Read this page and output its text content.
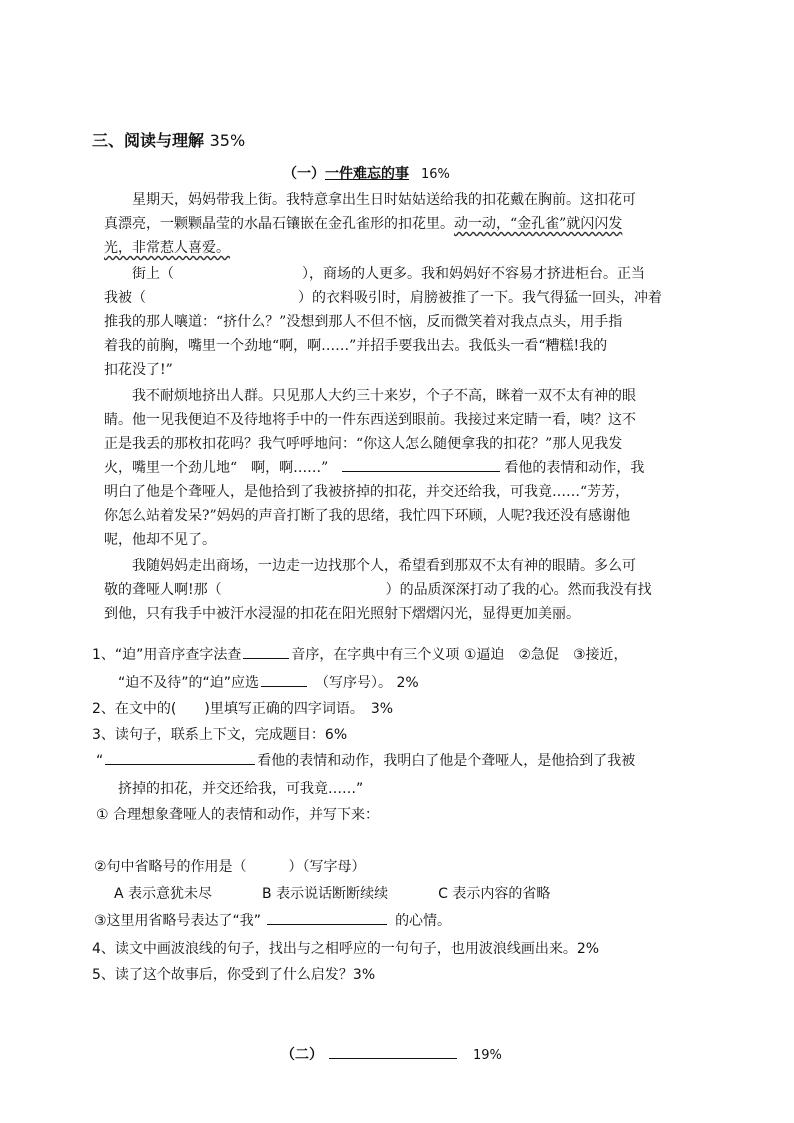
三、阅读与理解 35%
（一）一件难忘的事 16%
星期天，妈妈带我上街。我特意拿出生日时姑姑送给我的扣花戴在胸前。这扣花可
真漂亮，一颗颗晶莹的水晶石镶嵌在金孔雀形的扣花里。动一动，“金孔雀”就闪闪发
光，非常惹人喜爱。
街上（	），商场的人更多。我和妈妈好不容易才挤进柜台。正当
我被（	）的衣料吸引时，肩膀被推了一下。我气得猛一回头，冲着
推我的那人嚷道：“挤什么？”没想到那人不但不恼，反而微笑着对我点点头，用手指
着我的前胸，嘴里一个劲地“啊，啊……”并招手要我出去。我低头一看“糟糕!我的
扣花没了!”
我不耐烦地挤出人群。只见那人大约三十来岁，个子不高，眯着一双不太有神的眼
睛。他一见我便迫不及待地将手中的一件东西送到眼前。我接过来定睛一看，咦？这不
正是我丢的那枚扣花吗？我气呼呼地问：“你这人怎么随便拿我的扣花？”那人见我发
火，嘴里一个劲儿地“　啊，啊……”	看他的表情和动作，我
明白了他是个聋哑人，是他拾到了我被挤掉的扣花，并交还给我，可我竟……“芳芳，
你怎么站着发呆?”妈妈的声音打断了我的思绪，我忙四下环顾，人呢?我还没有感谢他
呢，他却不见了。
我随妈妈走出商场，一边走一边找那个人，希望看到那双不太有神的眼睛。多么可
敬的聋哑人啊!那（	）的品质深深打动了我的心。然而我没有找
到他，只有我手中被汗水浸湿的扣花在阳光照射下熠熠闪光，显得更加美丽。
1、“迫”用音序查字法查	音序，在字典中有三个义项 ①逼迫　②急促　③接近，
“迫不及待”的“迫”应选	（写序号）。 2%
2、在文中的(　　)里填写正确的四字词语。　3%
3、读句子，联系上下文，完成题目：6%
“	看他的表情和动作，我明白了他是个聋哑人，是他拾到了我被
挤掉的扣花，并交还给我，可我竟……”
① 合理想象聋哑人的表情和动作，并写下来：
②句中省略号的作用是（　　　）（写字母）
A 表示意犹未尽	B 表示说话断断续续	C 表示内容的省略
③这里用省略号表达了“我”	的心情。
4、读文中画波浪线的句子，找出与之相呼应的一句句子，也用波浪线画出来。2%
5、读了这个故事后，你受到了什么启发？3%
（二）	19%
